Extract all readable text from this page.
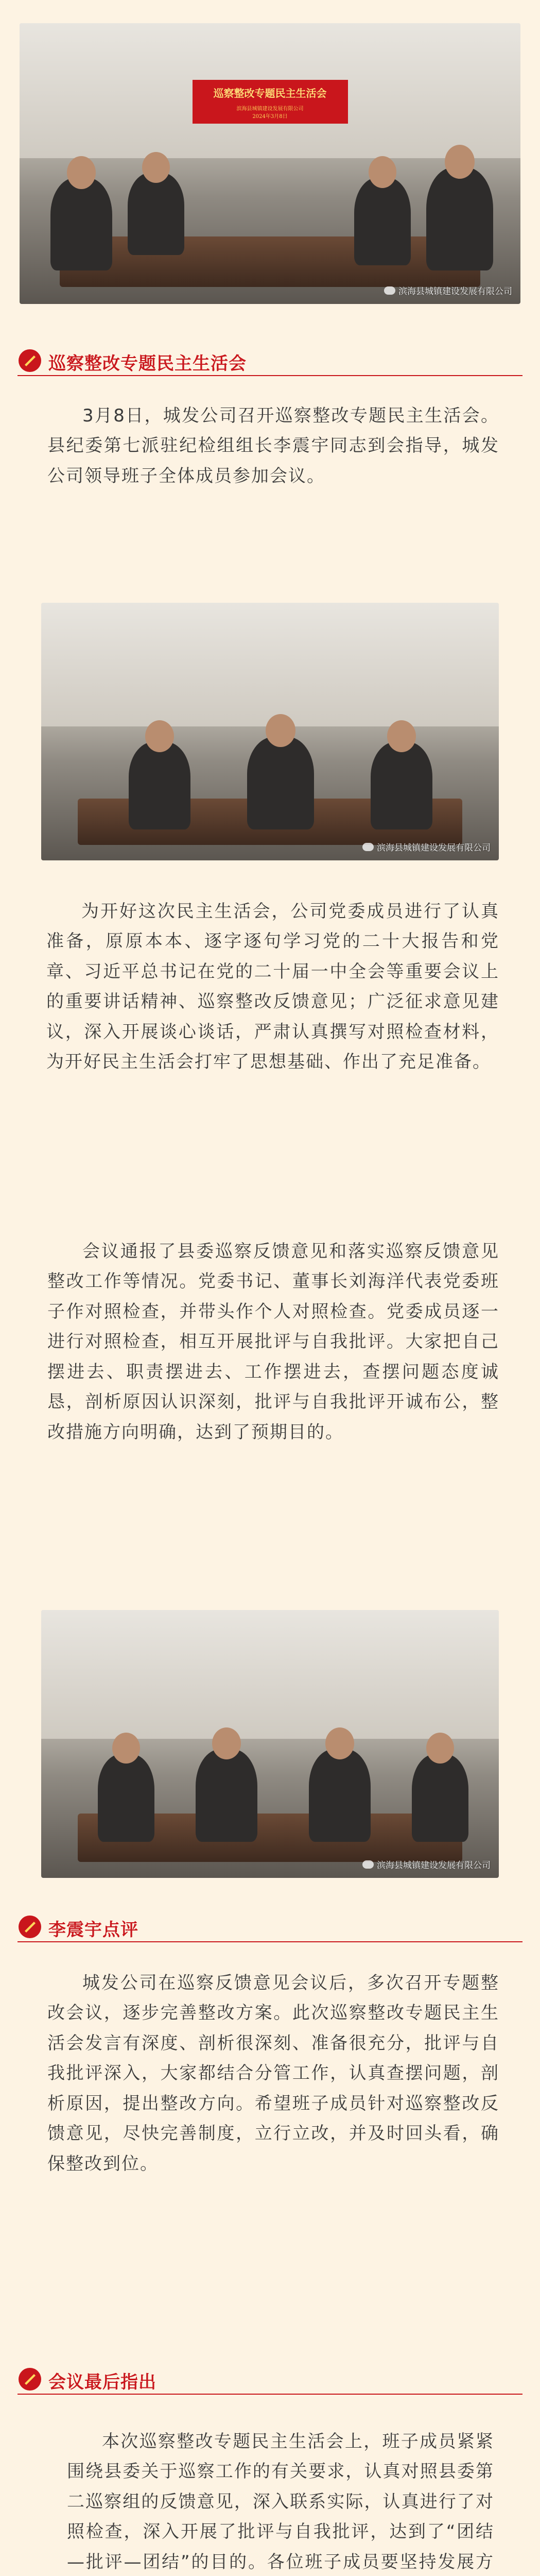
巡察整改专题民主生活会
滨海县城镇建设发展有限公司
2024年3月8日
滨海县城镇建设发展有限公司
巡察整改专题民主生活会

3月8日，城发公司召开巡察整改专题民主生活会。县纪委第七派驻纪检组组长李震宇同志到会指导，城发公司领导班子全体成员参加会议。

滨海县城镇建设发展有限公司

为开好这次民主生活会，公司党委成员进行了认真准备，原原本本、逐字逐句学习党的二十大报告和党章、习近平总书记在党的二十届一中全会等重要会议上的重要讲话精神、巡察整改反馈意见；广泛征求意见建议，深入开展谈心谈话，严肃认真撰写对照检查材料，为开好民主生活会打牢了思想基础、作出了充足准备。

会议通报了县委巡察反馈意见和落实巡察反馈意见整改工作等情况。党委书记、董事长刘海洋代表党委班子作对照检查，并带头作个人对照检查。党委成员逐一进行对照检查，相互开展批评与自我批评。大家把自己摆进去、职责摆进去、工作摆进去，查摆问题态度诚恳，剖析原因认识深刻，批评与自我批评开诚布公，整改措施方向明确，达到了预期目的。

滨海县城镇建设发展有限公司
李震宇点评

城发公司在巡察反馈意见会议后，多次召开专题整改会议，逐步完善整改方案。此次巡察整改专题民主生活会发言有深度、剖析很深刻、准备很充分，批评与自我批评深入，大家都结合分管工作，认真查摆问题，剖析原因，提出整改方向。希望班子成员针对巡察整改反馈意见，尽快完善制度，立行立改，并及时回头看，确保整改到位。

会议最后指出

本次巡察整改专题民主生活会上，班子成员紧紧围绕县委关于巡察工作的有关要求，认真对照县委第二巡察组的反馈意见，深入联系实际，认真进行了对照检查，深入开展了批评与自我批评，达到了“团结—批评—团结”的目的。各位班子成员要坚持发展方
